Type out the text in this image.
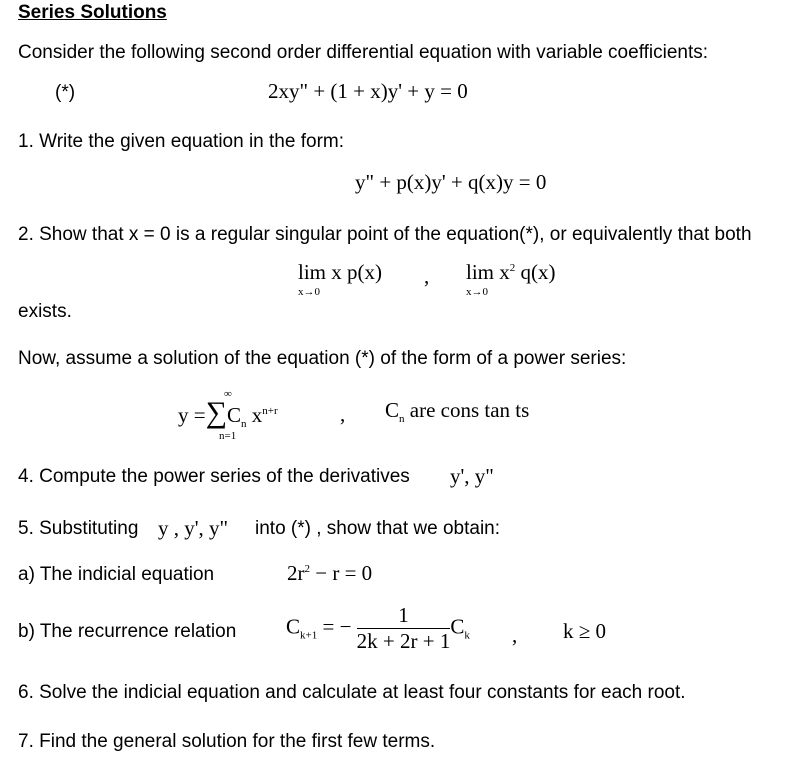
Series Solutions
Consider the following second order differential equation with variable coefficients:
(*)	2xy" + (1 + x)y' + y = 0
1. Write the given equation in the form:
y" + p(x)y' + q(x)y = 0
2. Show that x = 0 is a regular singular point of the equation(*), or equivalently that both
lim x p(x)
x→0
, $\lim x^2$ q(x)
x→0
exists.
Now, assume a solution of the equation (*) of the form of a power series:
$y =\sum C_n$ $x^{n+r}$
∞
n=1
, $C_n$ are cons tan ts
4. Compute the power series of the derivatives y', y"
5. Substituting y , y', y" into (*) , show that we obtain:
a) The indicial equation	$2r^2 - r = 0$
b) The recurrence relation $C_{k+1}$ = − $\frac{1}{2k + 2r + 1} C_k$ , k ≥ 0
6. Solve the indicial equation and calculate at least four constants for each root.
7. Find the general solution for the first few terms.
